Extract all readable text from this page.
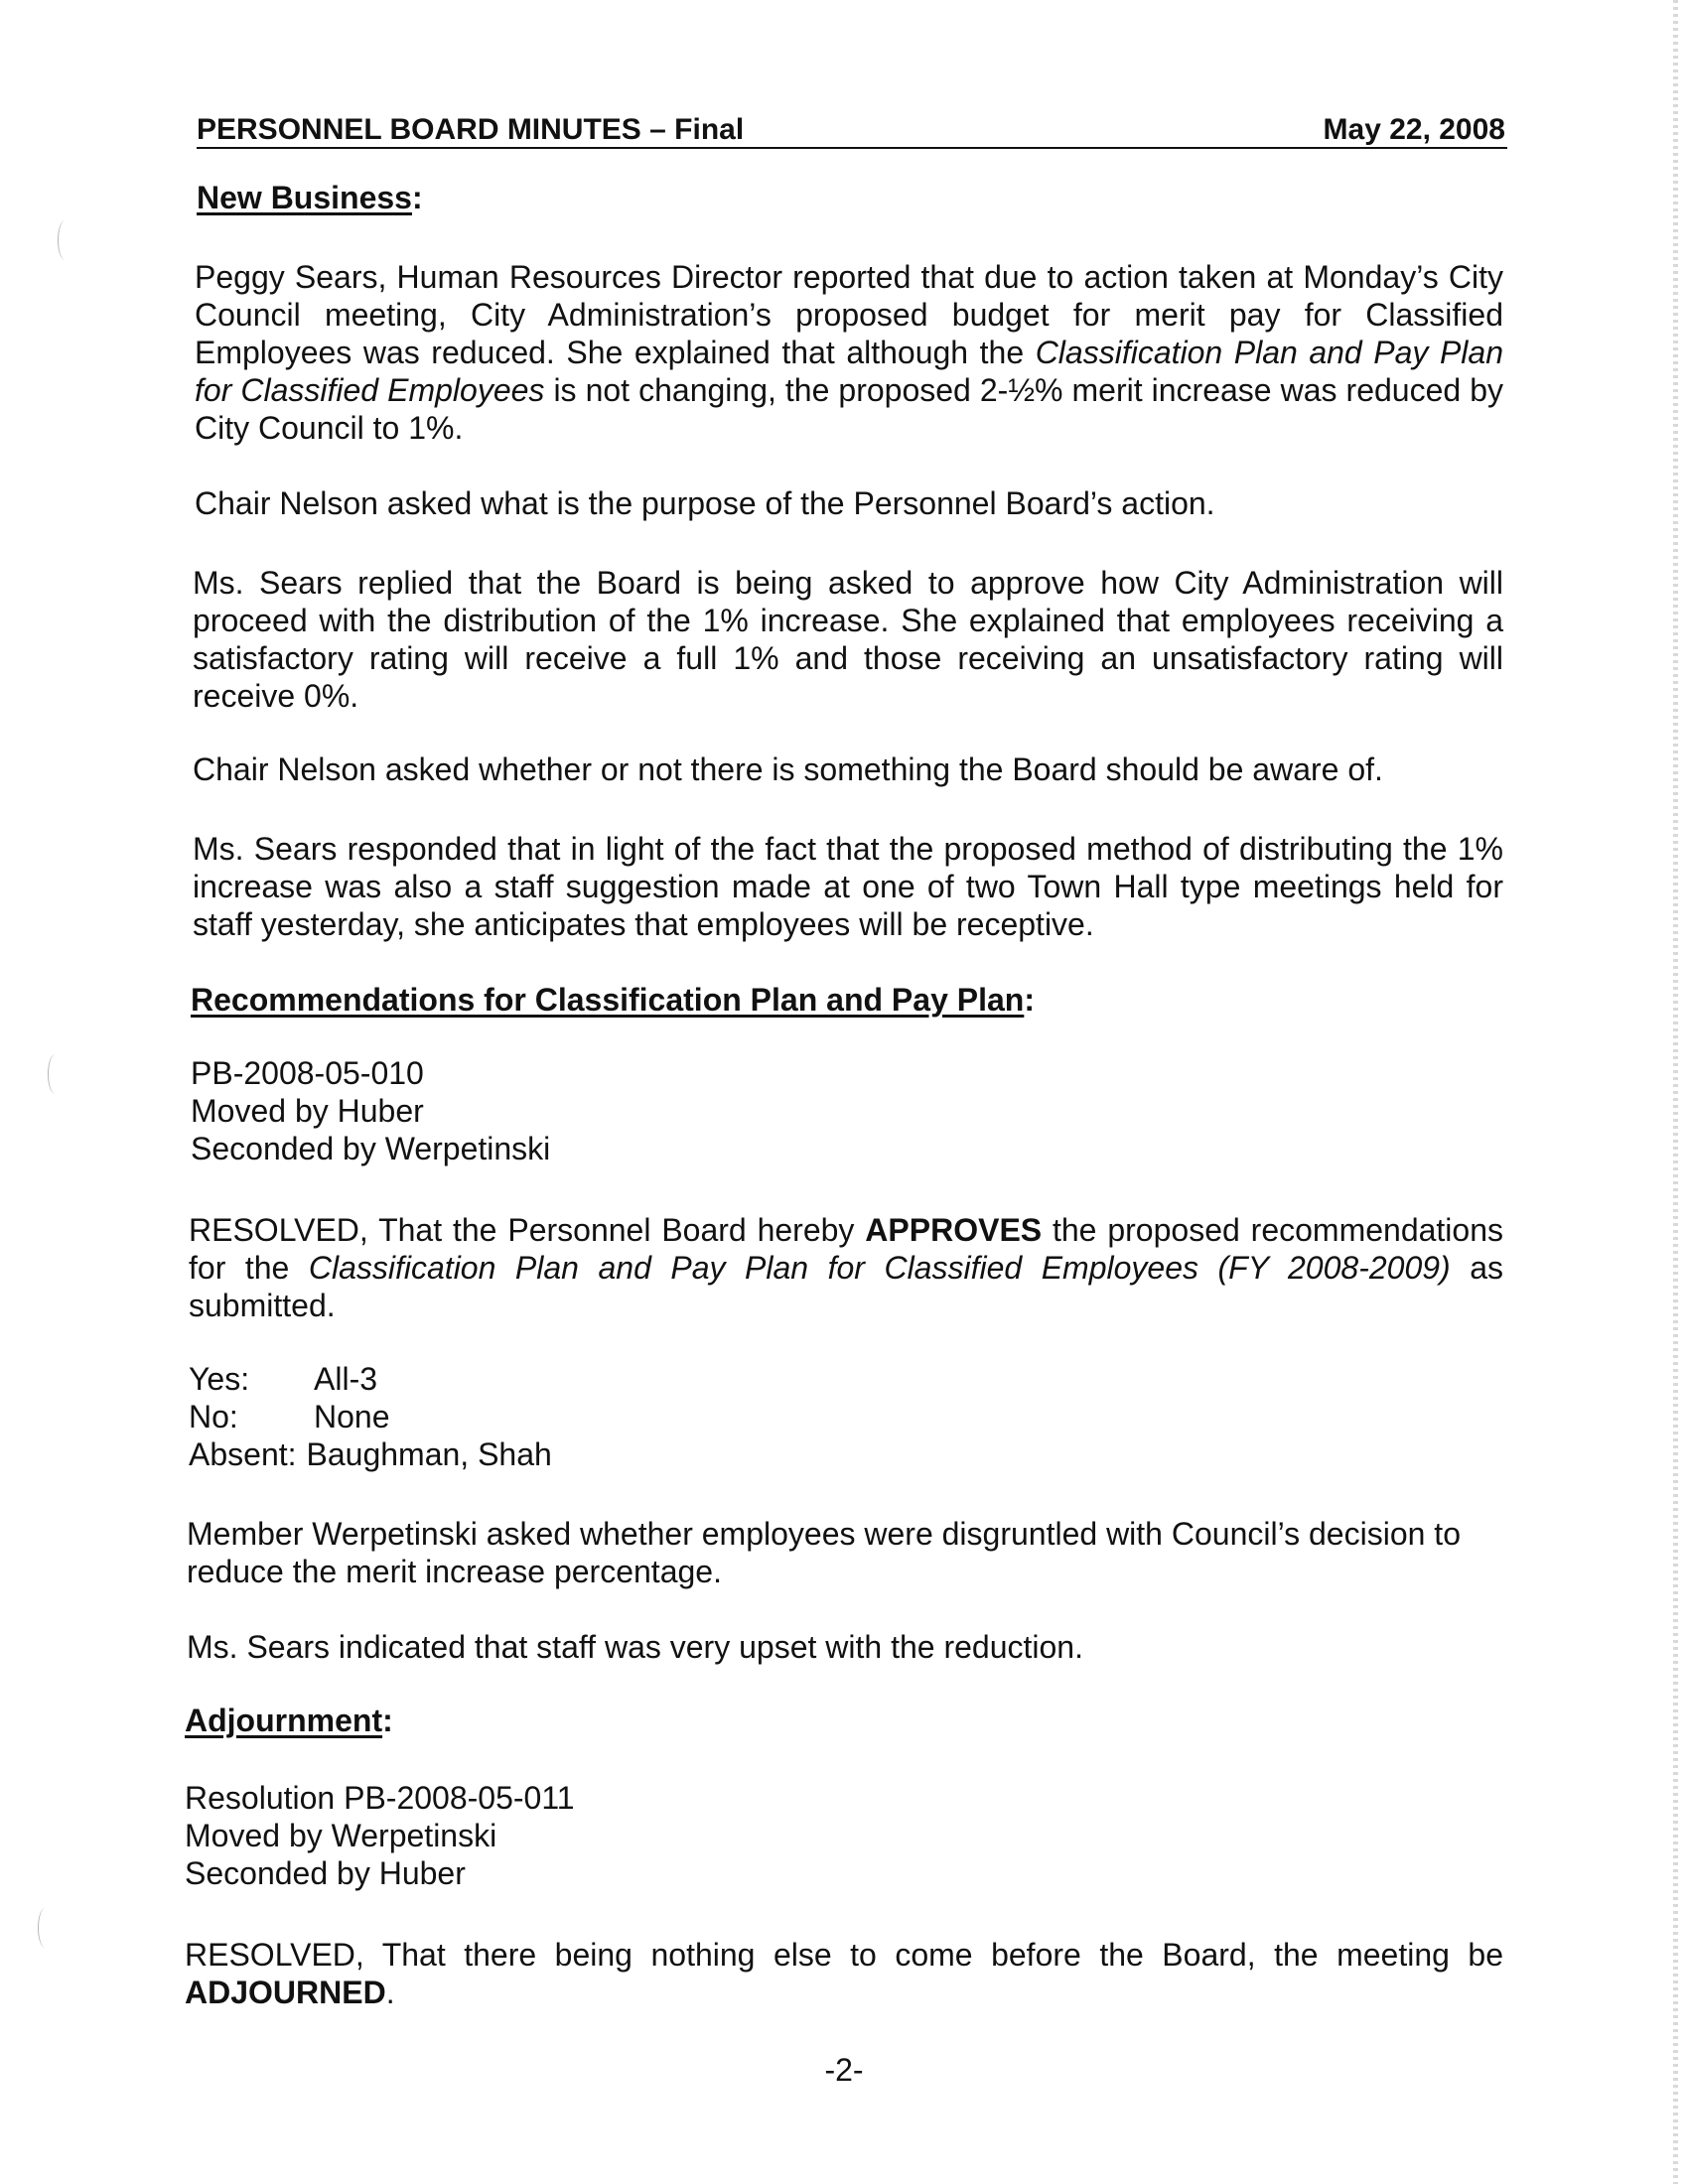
PERSONNEL BOARD MINUTES – Final	May 22, 2008
New Business:
Peggy Sears, Human Resources Director reported that due to action taken at Monday’s City Council meeting, City Administration’s proposed budget for merit pay for Classified Employees was reduced. She explained that although the Classification Plan and Pay Plan for Classified Employees is not changing, the proposed 2-½% merit increase was reduced by City Council to 1%.
Chair Nelson asked what is the purpose of the Personnel Board’s action.
Ms. Sears replied that the Board is being asked to approve how City Administration will proceed with the distribution of the 1% increase. She explained that employees receiving a satisfactory rating will receive a full 1% and those receiving an unsatisfactory rating will receive 0%.
Chair Nelson asked whether or not there is something the Board should be aware of.
Ms. Sears responded that in light of the fact that the proposed method of distributing the 1% increase was also a staff suggestion made at one of two Town Hall type meetings held for staff yesterday, she anticipates that employees will be receptive.
Recommendations for Classification Plan and Pay Plan:
PB-2008-05-010
Moved by Huber
Seconded by Werpetinski
RESOLVED, That the Personnel Board hereby APPROVES the proposed recommendations for the Classification Plan and Pay Plan for Classified Employees (FY 2008-2009) as submitted.
Yes:	All-3
No:	None
Absent: Baughman, Shah
Member Werpetinski asked whether employees were disgruntled with Council’s decision to reduce the merit increase percentage.
Ms. Sears indicated that staff was very upset with the reduction.
Adjournment:
Resolution PB-2008-05-011
Moved by Werpetinski
Seconded by Huber
RESOLVED, That there being nothing else to come before the Board, the meeting be ADJOURNED.
-2-
